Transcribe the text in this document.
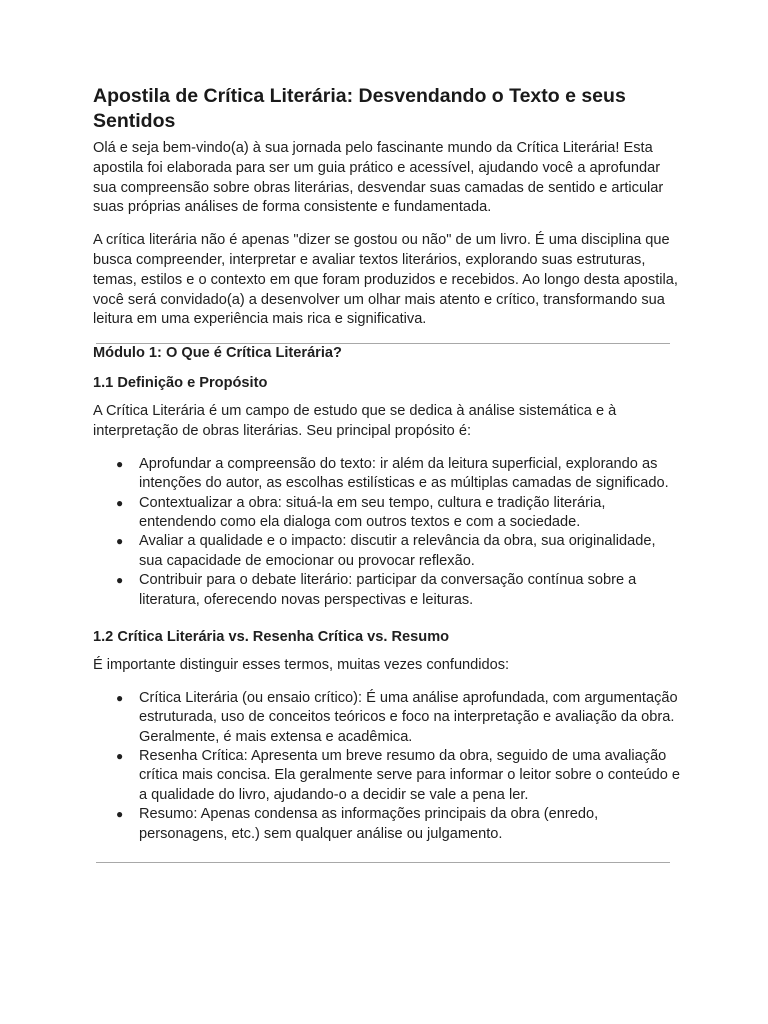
Apostila de Crítica Literária: Desvendando o Texto e seus Sentidos

Olá e seja bem-vindo(a) à sua jornada pelo fascinante mundo da Crítica Literária! Esta apostila foi elaborada para ser um guia prático e acessível, ajudando você a aprofundar sua compreensão sobre obras literárias, desvendar suas camadas de sentido e articular suas próprias análises de forma consistente e fundamentada.

A crítica literária não é apenas "dizer se gostou ou não" de um livro. É uma disciplina que busca compreender, interpretar e avaliar textos literários, explorando suas estruturas, temas, estilos e o contexto em que foram produzidos e recebidos. Ao longo desta apostila, você será convidado(a) a desenvolver um olhar mais atento e crítico, transformando sua leitura em uma experiência mais rica e significativa.

Módulo 1: O Que é Crítica Literária?
1.1 Definição e Propósito

A Crítica Literária é um campo de estudo que se dedica à análise sistemática e à interpretação de obras literárias. Seu principal propósito é:

● Aprofundar a compreensão do texto: ir além da leitura superficial, explorando as intenções do autor, as escolhas estilísticas e as múltiplas camadas de significado.
● Contextualizar a obra: situá-la em seu tempo, cultura e tradição literária, entendendo como ela dialoga com outros textos e com a sociedade.
● Avaliar a qualidade e o impacto: discutir a relevância da obra, sua originalidade, sua capacidade de emocionar ou provocar reflexão.
● Contribuir para o debate literário: participar da conversação contínua sobre a literatura, oferecendo novas perspectivas e leituras.
1.2 Crítica Literária vs. Resenha Crítica vs. Resumo

É importante distinguir esses termos, muitas vezes confundidos:

● Crítica Literária (ou ensaio crítico): É uma análise aprofundada, com argumentação estruturada, uso de conceitos teóricos e foco na interpretação e avaliação da obra. Geralmente, é mais extensa e acadêmica.
● Resenha Crítica: Apresenta um breve resumo da obra, seguido de uma avaliação crítica mais concisa. Ela geralmente serve para informar o leitor sobre o conteúdo e a qualidade do livro, ajudando-o a decidir se vale a pena ler.
● Resumo: Apenas condensa as informações principais da obra (enredo, personagens, etc.) sem qualquer análise ou julgamento.
